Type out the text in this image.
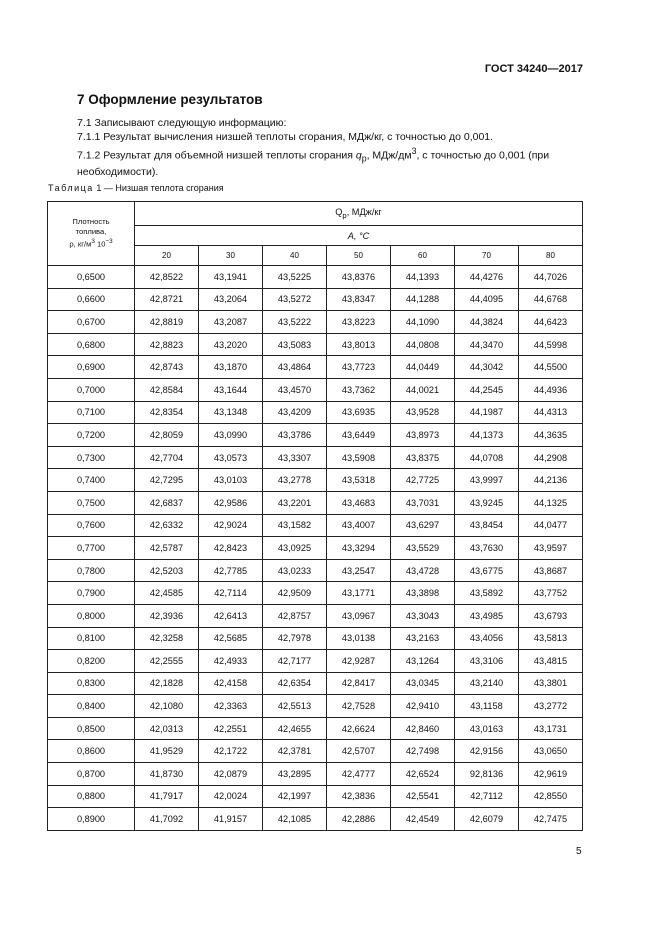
ГОСТ 34240—2017
7 Оформление результатов
7.1 Записывают следующую информацию:
7.1.1 Результат вычисления низшей теплоты сгорания, МДж/кг, с точностью до 0,001.
7.1.2 Результат для объемной низшей теплоты сгорания $q_p$, МДж/$дм^3$, с точностью до 0,001 (при необходимости).
Таблица 1 — Низшая теплота сгорания
Плотность
топлива,
ρ, $кг/м^3$ $10^{-3}$	$Q_p$, МДж/кг						
	A, °C						
	20	30	40	50	60	70	80
0,6500	42,8522	43,1941	43,5225	43,8376	44,1393	44,4276	44,7026
0,6600	42,8721	43,2064	43,5272	43,8347	44,1288	44,4095	44,6768
0,6700	42,8819	43,2087	43,5222	43,8223	44,1090	44,3824	44,6423
0,6800	42,8823	43,2020	43,5083	43,8013	44,0808	44,3470	44,5998
0,6900	42,8743	43,1870	43,4864	43,7723	44,0449	44,3042	44,5500
0,7000	42,8584	43,1644	43,4570	43,7362	44,0021	44,2545	44,4936
0,7100	42,8354	43,1348	43,4209	43,6935	43,9528	44,1987	44,4313
0,7200	42,8059	43,0990	43,3786	43,6449	43,8973	44,1373	44,3635
0,7300	42,7704	43,0573	43,3307	43,5908	43,8375	44,0708	44,2908
0,7400	42,7295	43,0103	43,2778	43,5318	42,7725	43,9997	44,2136
0,7500	42,6837	42,9586	43,2201	43,4683	43,7031	43,9245	44,1325
0,7600	42,6332	42,9024	43,1582	43,4007	43,6297	43,8454	44,0477
0,7700	42,5787	42,8423	43,0925	43,3294	43,5529	43,7630	43,9597
0,7800	42,5203	42,7785	43,0233	43,2547	43,4728	43,6775	43,8687
0,7900	42,4585	42,7114	42,9509	43,1771	43,3898	43,5892	43,7752
0,8000	42,3936	42,6413	42,8757	43,0967	43,3043	43,4985	43,6793
0,8100	42,3258	42,5685	42,7978	43,0138	43,2163	43,4056	43,5813
0,8200	42,2555	42,4933	42,7177	42,9287	43,1264	43,3106	43,4815
0,8300	42,1828	42,4158	42,6354	42,8417	43,0345	43,2140	43,3801
0,8400	42,1080	42,3363	42,5513	42,7528	42,9410	43,1158	43,2772
0,8500	42,0313	42,2551	42,4655	42,6624	42,8460	43,0163	43,1731
0,8600	41,9529	42,1722	42,3781	42,5707	42,7498	42,9156	43,0650
0,8700	41,8730	42,0879	43,2895	42,4777	42,6524	92,8136	42,9619
0,8800	41,7917	42,0024	42,1997	42,3836	42,5541	42,7112	42,8550
0,8900	41,7092	41,9157	42,1085	42,2886	42,4549	42,6079	42,7475
5
